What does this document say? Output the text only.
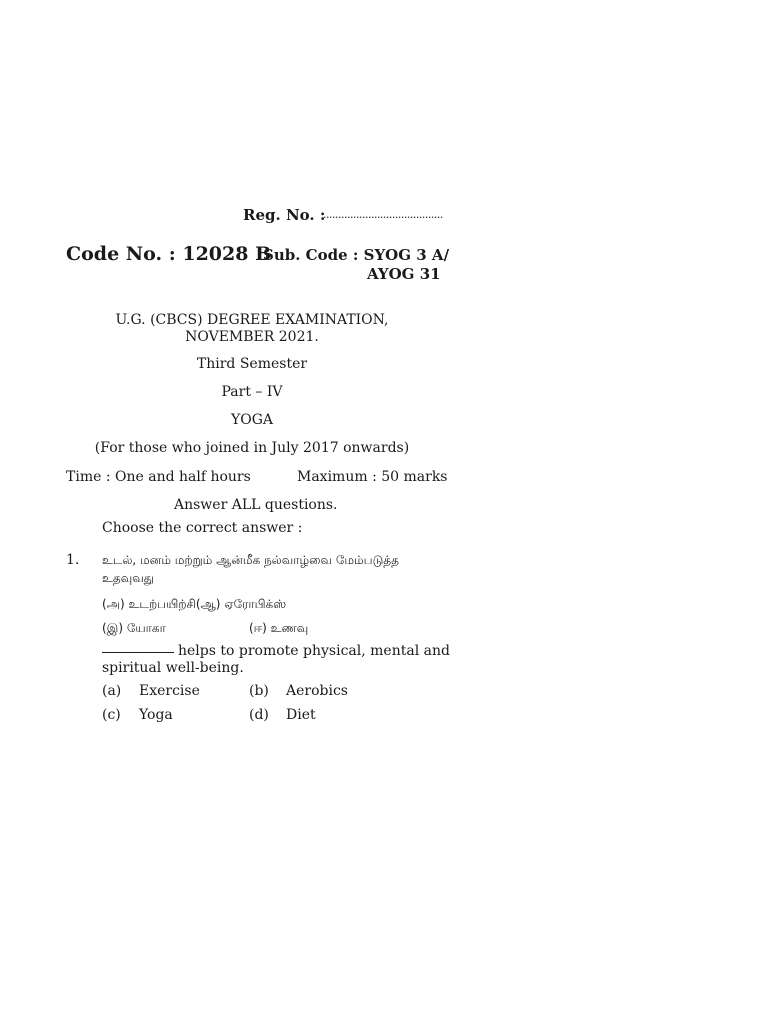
Reg. No. :
........................................
Code No. : 12028 B
Sub. Code : SYOG 3 A/
AYOG 31
U.G. (CBCS) DEGREE EXAMINATION,
NOVEMBER 2021.
Third Semester
Part – IV
YOGA
(For those who joined in July 2017 onwards)
Time : One and half hours	Maximum : 50 marks
Answer ALL questions.
Choose the correct answer :
1. உடல், மனம் மற்றும் ஆன்மீக நல்வாழ்வை மேம்படுத்த
உதவுவது
(அ) உடற்பயிற்சி(ஆ) ஏரோபிக்ஸ்
(இ) யோகா	(ஈ) உணவு
helps to promote physical, mental and
spiritual well-being.
(a) Exercise	(b) Aerobics
(c) Yoga	(d) Diet
